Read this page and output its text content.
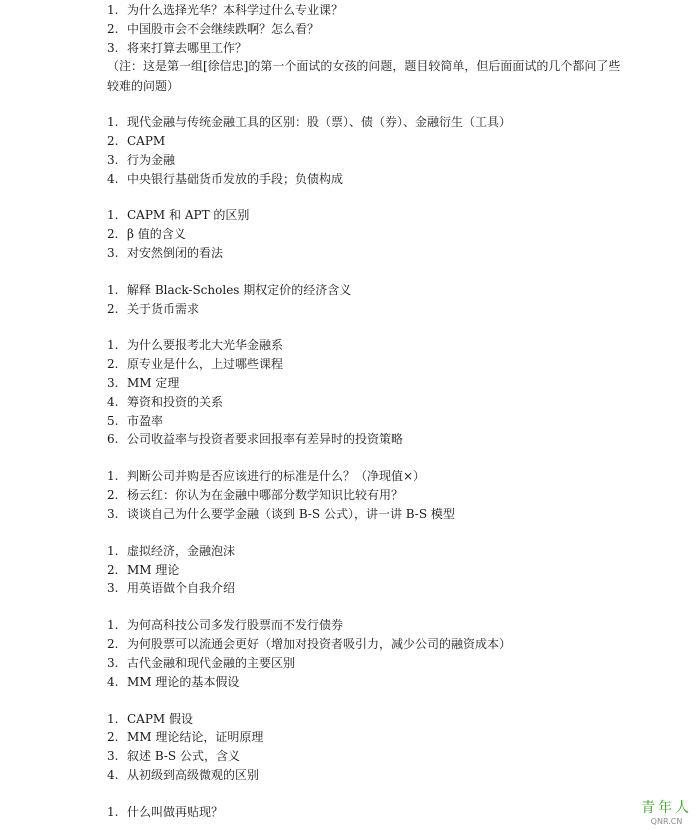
1. 为什么选择光华？本科学过什么专业课？
2. 中国股市会不会继续跌啊？怎么看？
3. 将来打算去哪里工作？
（注：这是第一组[徐信忠]的第一个面试的女孩的问题，题目较简单，但后面面试的几个都问了些较难的问题）
1. 现代金融与传统金融工具的区别：股（票）、债（券）、金融衍生（工具）
2. CAPM
3. 行为金融
4. 中央银行基础货币发放的手段；负债构成
1. CAPM 和 APT 的区别
2. β 值的含义
3. 对安然倒闭的看法
1. 解释 Black-Scholes 期权定价的经济含义
2. 关于货币需求
1. 为什么要报考北大光华金融系
2. 原专业是什么，上过哪些课程
3. MM 定理
4. 筹资和投资的关系
5. 市盈率
6. 公司收益率与投资者要求回报率有差异时的投资策略
1. 判断公司并购是否应该进行的标准是什么？（净现值×）
2. 杨云红：你认为在金融中哪部分数学知识比较有用？
3. 谈谈自己为什么要学金融（谈到 B-S 公式），讲一讲 B-S 模型
1. 虚拟经济，金融泡沫
2. MM 理论
3. 用英语做个自我介绍
1. 为何高科技公司多发行股票而不发行债券
2. 为何股票可以流通会更好（增加对投资者吸引力，减少公司的融资成本）
3. 古代金融和现代金融的主要区别
4. MM 理论的基本假设
1. CAPM 假设
2. MM 理论结论，证明原理
3. 叙述 B-S 公式，含义
4. 从初级到高级微观的区别
1. 什么叫做再贴现？	青年人
QNR.CN
